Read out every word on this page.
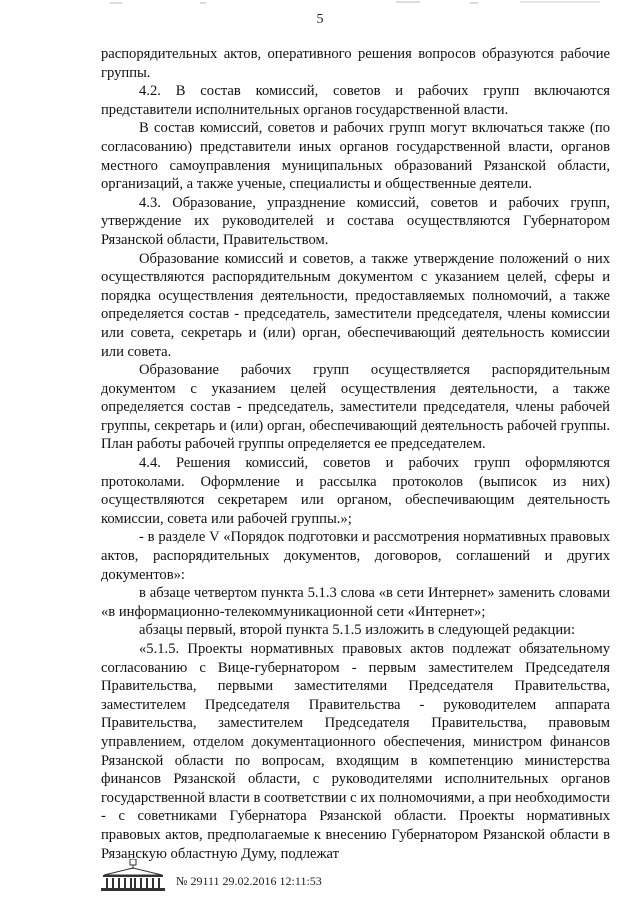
5

распорядительных актов, оперативного решения вопросов образуются рабочие группы.

4.2. В состав комиссий, советов и рабочих групп включаются представители исполнительных органов государственной власти.

В состав комиссий, советов и рабочих групп могут включаться также (по согласованию) представители иных органов государственной власти, органов местного самоуправления муниципальных образований Рязанской области, организаций, а также ученые, специалисты и общественные деятели.

4.3. Образование, упразднение комиссий, советов и рабочих групп, утверждение их руководителей и состава осуществляются Губернатором Рязанской области, Правительством.

Образование комиссий и советов, а также утверждение положений о них осуществляются распорядительным документом с указанием целей, сферы и порядка осуществления деятельности, предоставляемых полномочий, а также определяется состав - председатель, заместители председателя, члены комиссии или совета, секретарь и (или) орган, обеспечивающий деятельность комиссии или совета.

Образование рабочих групп осуществляется распорядительным документом с указанием целей осуществления деятельности, а также определяется состав - председатель, заместители председателя, члены рабочей группы, секретарь и (или) орган, обеспечивающий деятельность рабочей группы. План работы рабочей группы определяется ее председателем.

4.4. Решения комиссий, советов и рабочих групп оформляются протоколами. Оформление и рассылка протоколов (выписок из них) осуществляются секретарем или органом, обеспечивающим деятельность комиссии, совета или рабочей группы.»;

- в разделе V «Порядок подготовки и рассмотрения нормативных правовых актов, распорядительных документов, договоров, соглашений и других документов»:

в абзаце четвертом пункта 5.1.3 слова «в сети Интернет» заменить словами «в информационно-телекоммуникационной сети «Интернет»;

абзацы первый, второй пункта 5.1.5 изложить в следующей редакции:

«5.1.5. Проекты нормативных правовых актов подлежат обязательному согласованию с Вице-губернатором - первым заместителем Председателя Правительства, первыми заместителями Председателя Правительства, заместителем Председателя Правительства - руководителем аппарата Правительства, заместителем Председателя Правительства, правовым управлением, отделом документационного обеспечения, министром финансов Рязанской области по вопросам, входящим в компетенцию министерства финансов Рязанской области, с руководителями исполнительных органов государственной власти в соответствии с их полномочиями, а при необходимости - с советниками Губернатора Рязанской области. Проекты нормативных правовых актов, предполагаемые к внесению Губернатором Рязанской области в Рязанскую областную Думу, подлежат

№ 29111 29.02.2016 12:11:53
